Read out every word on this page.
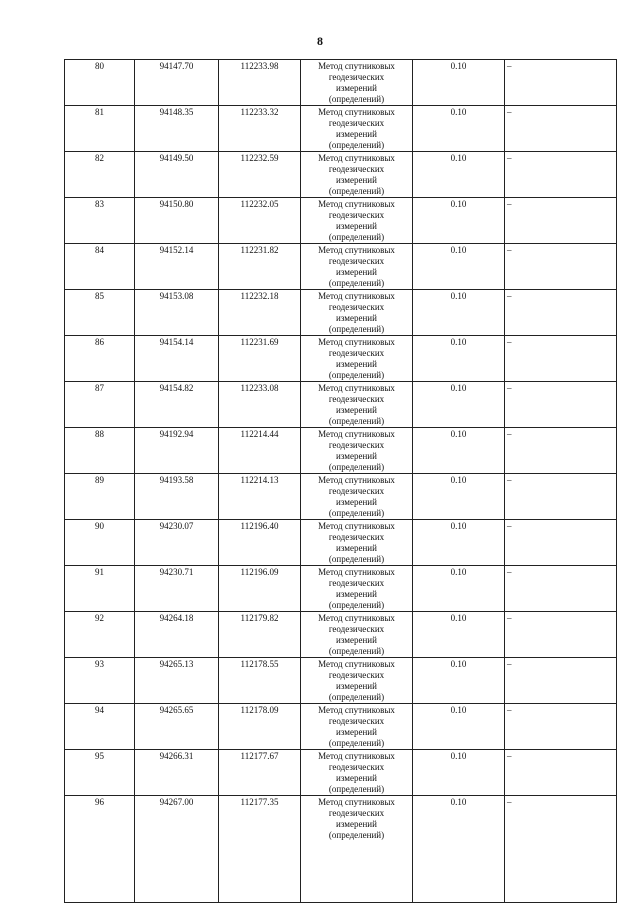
8
80	94147.70	112233.98	Метод спутниковых
геодезических
измерений
(определений)	0.10	–
81	94148.35	112233.32	Метод спутниковых
геодезических
измерений
(определений)	0.10	–
82	94149.50	112232.59	Метод спутниковых
геодезических
измерений
(определений)	0.10	–
83	94150.80	112232.05	Метод спутниковых
геодезических
измерений
(определений)	0.10	–
84	94152.14	112231.82	Метод спутниковых
геодезических
измерений
(определений)	0.10	–
85	94153.08	112232.18	Метод спутниковых
геодезических
измерений
(определений)	0.10	–
86	94154.14	112231.69	Метод спутниковых
геодезических
измерений
(определений)	0.10	–
87	94154.82	112233.08	Метод спутниковых
геодезических
измерений
(определений)	0.10	–
88	94192.94	112214.44	Метод спутниковых
геодезических
измерений
(определений)	0.10	–
89	94193.58	112214.13	Метод спутниковых
геодезических
измерений
(определений)	0.10	–
90	94230.07	112196.40	Метод спутниковых
геодезических
измерений
(определений)	0.10	–
91	94230.71	112196.09	Метод спутниковых
геодезических
измерений
(определений)	0.10	–
92	94264.18	112179.82	Метод спутниковых
геодезических
измерений
(определений)	0.10	–
93	94265.13	112178.55	Метод спутниковых
геодезических
измерений
(определений)	0.10	–
94	94265.65	112178.09	Метод спутниковых
геодезических
измерений
(определений)	0.10	–
95	94266.31	112177.67	Метод спутниковых
геодезических
измерений
(определений)	0.10	–
96	94267.00	112177.35	Метод спутниковых
геодезических
измерений
(определений)	0.10	–
